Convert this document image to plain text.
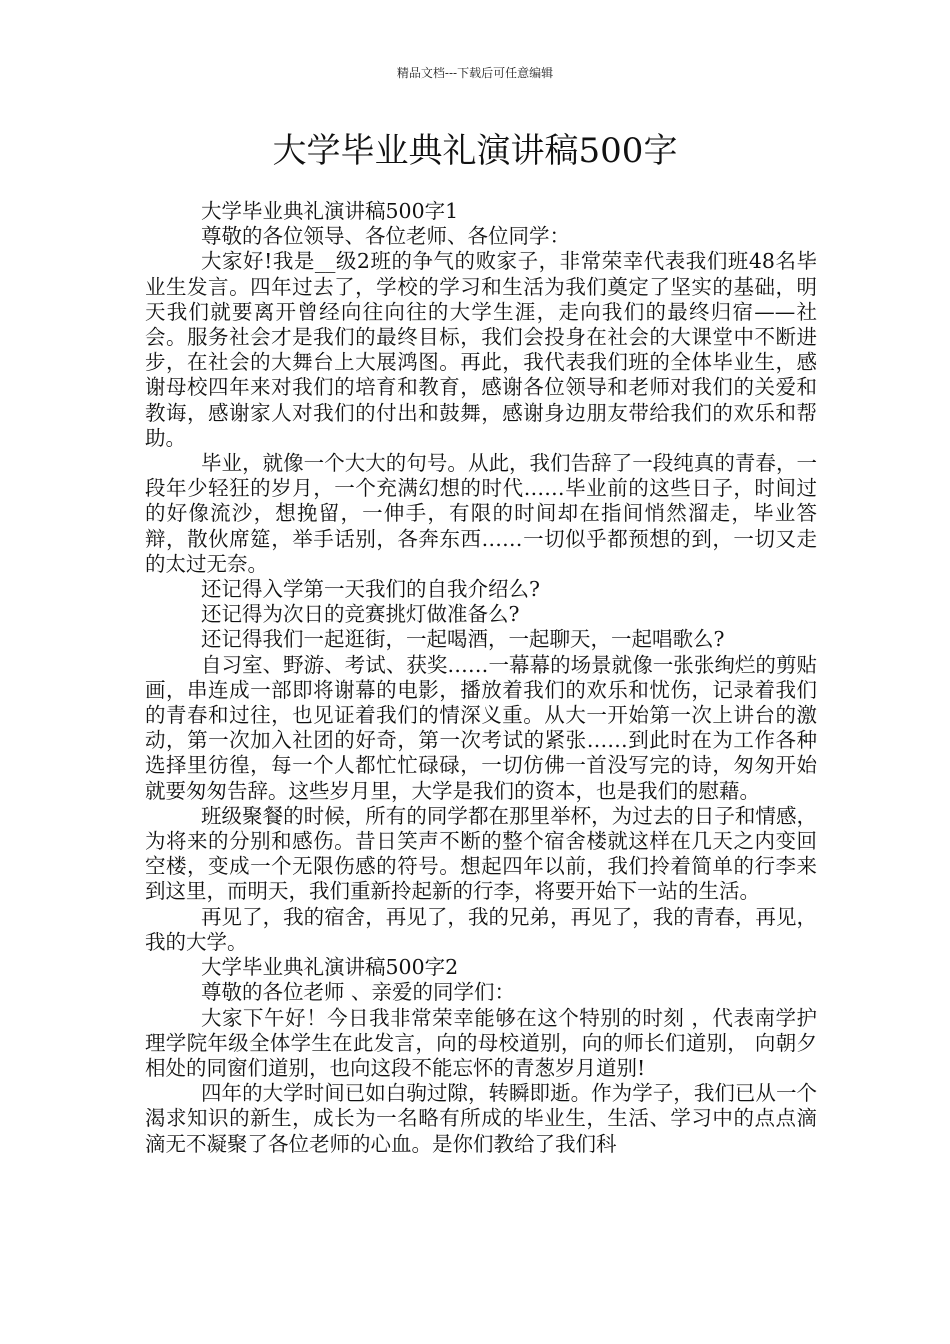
精品文档---下载后可任意编辑
大学毕业典礼演讲稿500字

大学毕业典礼演讲稿500字1

尊敬的各位领导、各位老师、各位同学：

大家好!我是__级2班的争气的败家子，非常荣幸代表我们班48名毕业生发言。四年过去了，学校的学习和生活为我们奠定了坚实的基础，明天我们就要离开曾经向往向往的大学生涯，走向我们的最终归宿——社会。服务社会才是我们的最终目标，我们会投身在社会的大课堂中不断进步，在社会的大舞台上大展鸿图。再此，我代表我们班的全体毕业生，感谢母校四年来对我们的培育和教育，感谢各位领导和老师对我们的关爱和教诲，感谢家人对我们的付出和鼓舞，感谢身边朋友带给我们的欢乐和帮助。

毕业，就像一个大大的句号。从此，我们告辞了一段纯真的青春，一段年少轻狂的岁月，一个充满幻想的时代……毕业前的这些日子，时间过的好像流沙，想挽留，一伸手，有限的时间却在指间悄然溜走，毕业答辩，散伙席筵，举手话别，各奔东西……一切似乎都预想的到，一切又走的太过无奈。

还记得入学第一天我们的自我介绍么?

还记得为次日的竞赛挑灯做准备么?

还记得我们一起逛街，一起喝酒，一起聊天，一起唱歌么?

自习室、野游、考试、获奖……一幕幕的场景就像一张张绚烂的剪贴画，串连成一部即将谢幕的电影，播放着我们的欢乐和忧伤，记录着我们的青春和过往，也见证着我们的情深义重。从大一开始第一次上讲台的激动，第一次加入社团的好奇，第一次考试的紧张……到此时在为工作各种选择里彷徨，每一个人都忙忙碌碌，一切仿佛一首没写完的诗，匆匆开始就要匆匆告辞。这些岁月里，大学是我们的资本，也是我们的慰藉。

班级聚餐的时候，所有的同学都在那里举杯，为过去的日子和情感，为将来的分别和感伤。昔日笑声不断的整个宿舍楼就这样在几天之内变回空楼，变成一个无限伤感的符号。想起四年以前，我们拎着简单的行李来到这里，而明天，我们重新拎起新的行李，将要开始下一站的生活。

再见了，我的宿舍，再见了，我的兄弟，再见了，我的青春，再见，我的大学。

大学毕业典礼演讲稿500字2

尊敬的各位老师 、亲爱的同学们：

大家下午好！今日我非常荣幸能够在这个特别的时刻 ，代表南学护理学院年级全体学生在此发言，向的母校道别，向的师长们道别， 向朝夕相处的同窗们道别，也向这段不能忘怀的青葱岁月道别!

四年的大学时间已如白驹过隙，转瞬即逝。作为学子，我们已从一个渴求知识的新生，成长为一名略有所成的毕业生，生活、学习中的点点滴滴无不凝聚了各位老师的心血。是你们教给了我们科
